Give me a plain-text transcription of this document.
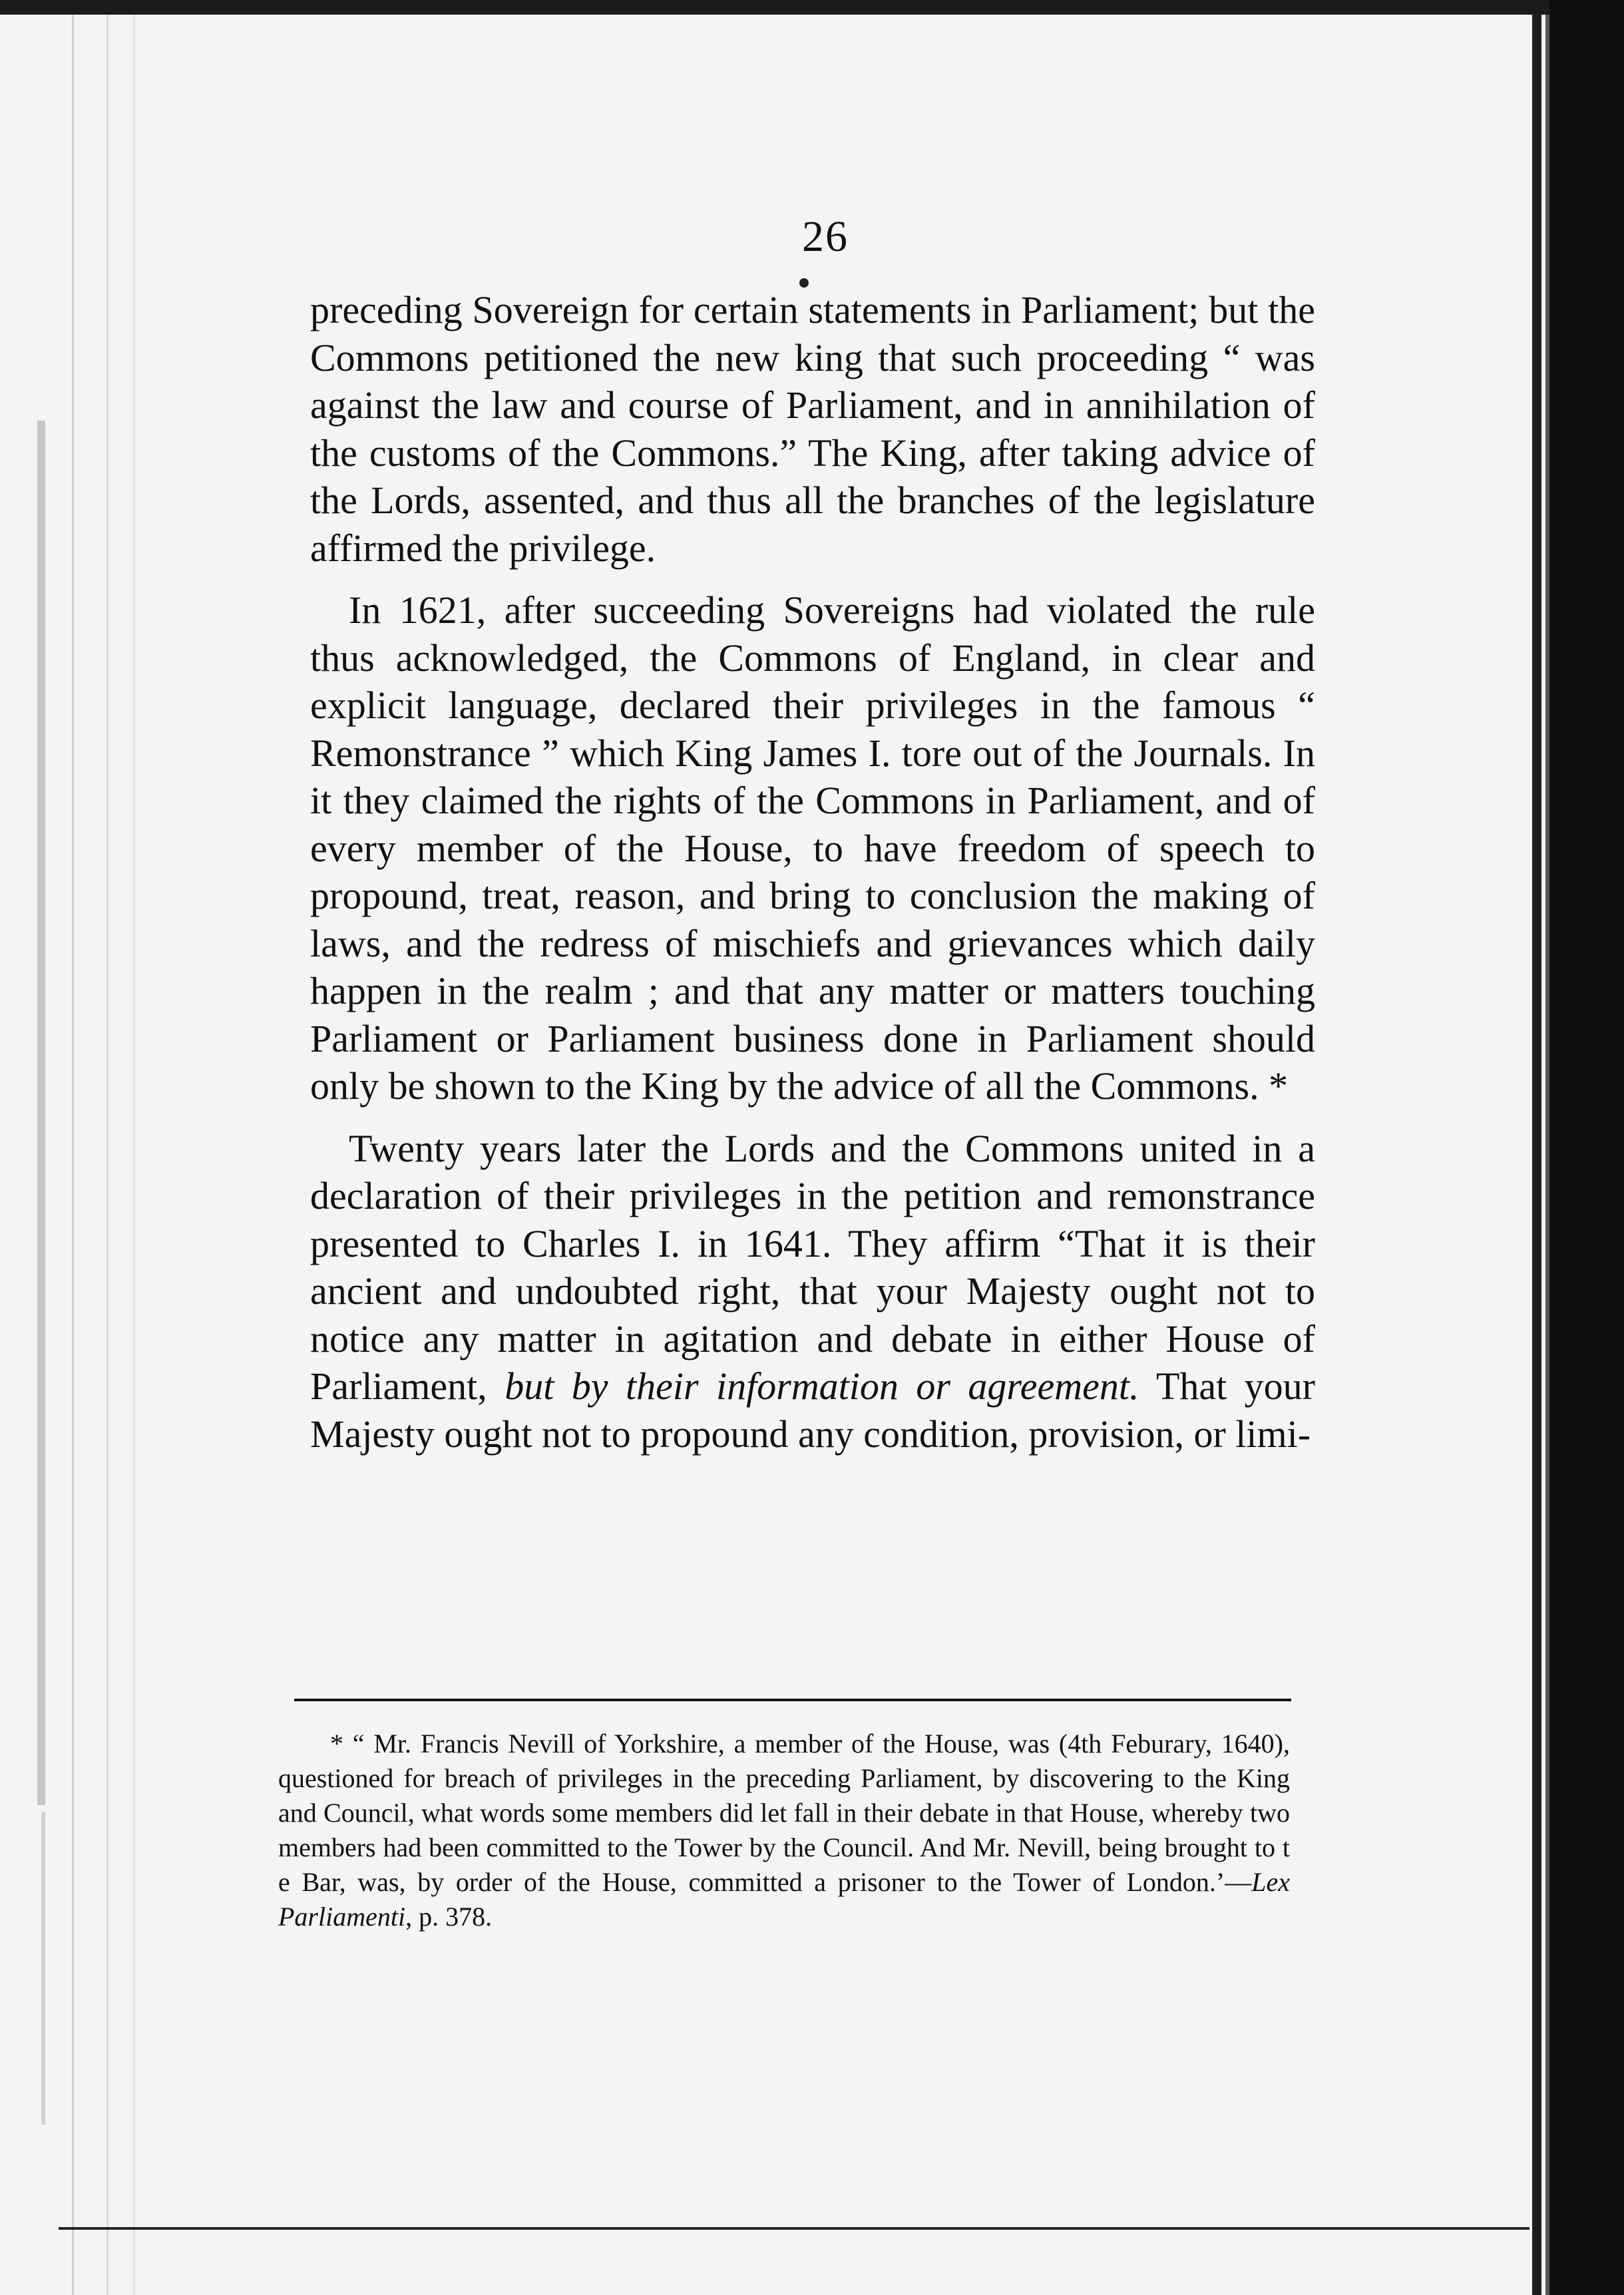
26

preceding Sovereign for certain statements in Parliament; but the Commons petitioned the new king that such proceeding “ was against the law and course of Parliament, and in annihilation of the customs of the Commons.” The King, after taking advice of the Lords, assented, and thus all the branches of the legislature affirmed the privilege.

In 1621, after succeeding Sovereigns had violated the rule thus acknowledged, the Commons of England, in clear and explicit language, declared their privileges in the famous “ Remonstrance ” which King James I. tore out of the Journals. In it they claimed the rights of the Commons in Parliament, and of every member of the House, to have freedom of speech to propound, treat, reason, and bring to conclusion the making of laws, and the redress of mischiefs and grievances which daily happen in the realm ; and that any matter or matters touching Parliament or Parliament business done in Parliament should only be shown to the King by the advice of all the Commons. *

Twenty years later the Lords and the Commons united in a declaration of their privileges in the petition and remonstrance presented to Charles I. in 1641. They affirm “That it is their ancient and undoubted right, that your Majesty ought not to notice any matter in agitation and debate in either House of Parliament, but by their information or agreement. That your Majesty ought not to propound any condition, provision, or limi-

* “ Mr. Francis Nevill of Yorkshire, a member of the House, was (4th Feburary, 1640), questioned for breach of privileges in the preceding Parliament, by discovering to the King and Council, what words some members did let fall in their debate in that House, whereby two members had been committed to the Tower by the Council. And Mr. Nevill, being brought to t e Bar, was, by order of the House, committed a prisoner to the Tower of London.’—Lex Parliamenti, p. 378.
